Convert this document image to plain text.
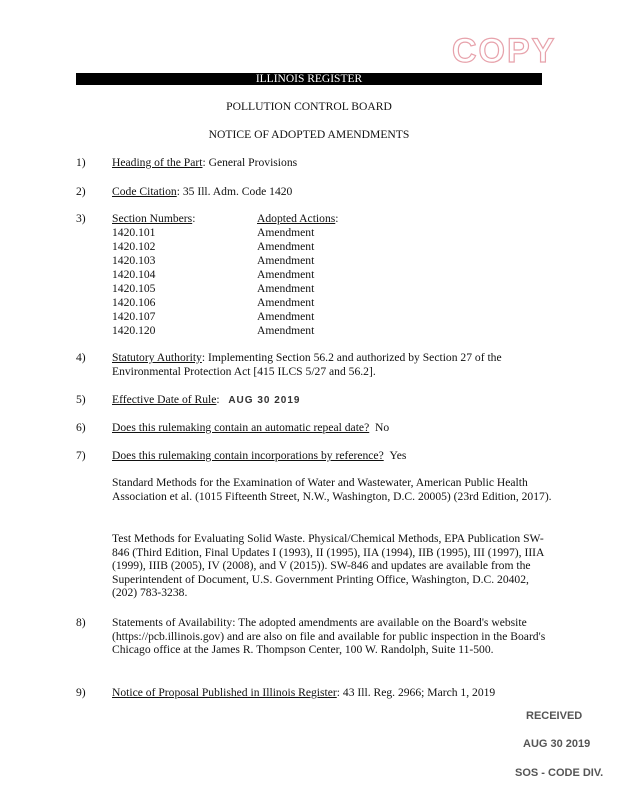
COPY
ILLINOIS REGISTER
POLLUTION CONTROL BOARD
NOTICE OF ADOPTED AMENDMENTS
1) Heading of the Part: General Provisions
2) Code Citation: 35 Ill. Adm. Code 1420
3) Section Numbers:	Adopted Actions:
1420.101
1420.102
1420.103
1420.104
1420.105
1420.106
1420.107
1420.120
Amendment
Amendment
Amendment
Amendment
Amendment
Amendment
Amendment
Amendment
4) Statutory Authority: Implementing Section 56.2 and authorized by Section 27 of the
Environmental Protection Act [415 ILCS 5/27 and 56.2].
5) Effective Date of Rule:   AUG 30 2019
6) Does this rulemaking contain an automatic repeal date? No
7) Does this rulemaking contain incorporations by reference? Yes
Standard Methods for the Examination of Water and Wastewater, American Public Health Association et al. (1015 Fifteenth Street, N.W., Washington, D.C. 20005) (23rd Edition, 2017).
Test Methods for Evaluating Solid Waste. Physical/Chemical Methods, EPA Publication SW-846 (Third Edition, Final Updates I (1993), II (1995), IIA (1994), IIB (1995), III (1997), IIIA (1999), IIIB (2005), IV (2008), and V (2015)). SW-846 and updates are available from the Superintendent of Document, U.S. Government Printing Office, Washington, D.C. 20402, (202) 783-3238.
8) Statements of Availability: The adopted amendments are available on the Board's website (https://pcb.illinois.gov) and are also on file and available for public inspection in the Board's Chicago office at the James R. Thompson Center, 100 W. Randolph, Suite 11-500.
9) Notice of Proposal Published in Illinois Register: 43 Ill. Reg. 2966; March 1, 2019
RECEIVED
AUG 30 2019
SOS - CODE DIV.
